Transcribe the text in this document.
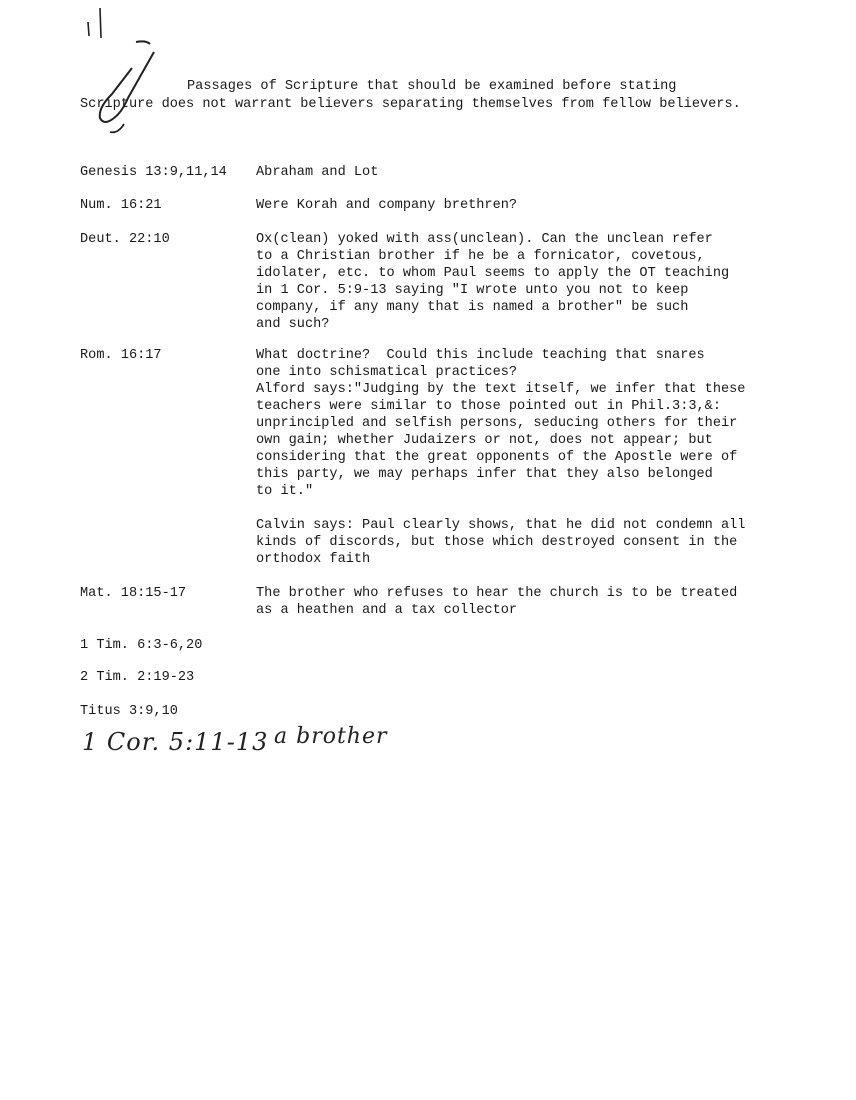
Passages of Scripture that should be examined before stating
Scripture does not warrant believers separating themselves from fellow believers.
Genesis 13:9,11,14 Abraham and Lot
Num. 16:21	Were Korah and company brethren?
Deut. 22:10	Ox(clean) yoked with ass(unclean). Can the unclean refer
to a Christian brother if he be a fornicator, covetous,
idolater, etc. to whom Paul seems to apply the OT teaching
in 1 Cor. 5:9-13 saying "I wrote unto you not to keep
company, if any many that is named a brother" be such
and such?
Rom. 16:17	What doctrine?  Could this include teaching that snares
one into schismatical practices?
Alford says:"Judging by the text itself, we infer that these
teachers were similar to those pointed out in Phil.3:3,&:
unprincipled and selfish persons, seducing others for their
own gain; whether Judaizers or not, does not appear; but
considering that the great opponents of the Apostle were of
this party, we may perhaps infer that they also belonged
to it."
Calvin says: Paul clearly shows, that he did not condemn all
kinds of discords, but those which destroyed consent in the
orthodox faith
Mat. 18:15-17	The brother who refuses to hear the church is to be treated
as a heathen and a tax collector
1 Tim. 6:3-6,20
2 Tim. 2:19-23
Titus 3:9,10
1 Cor. 5:11-13 a brother
